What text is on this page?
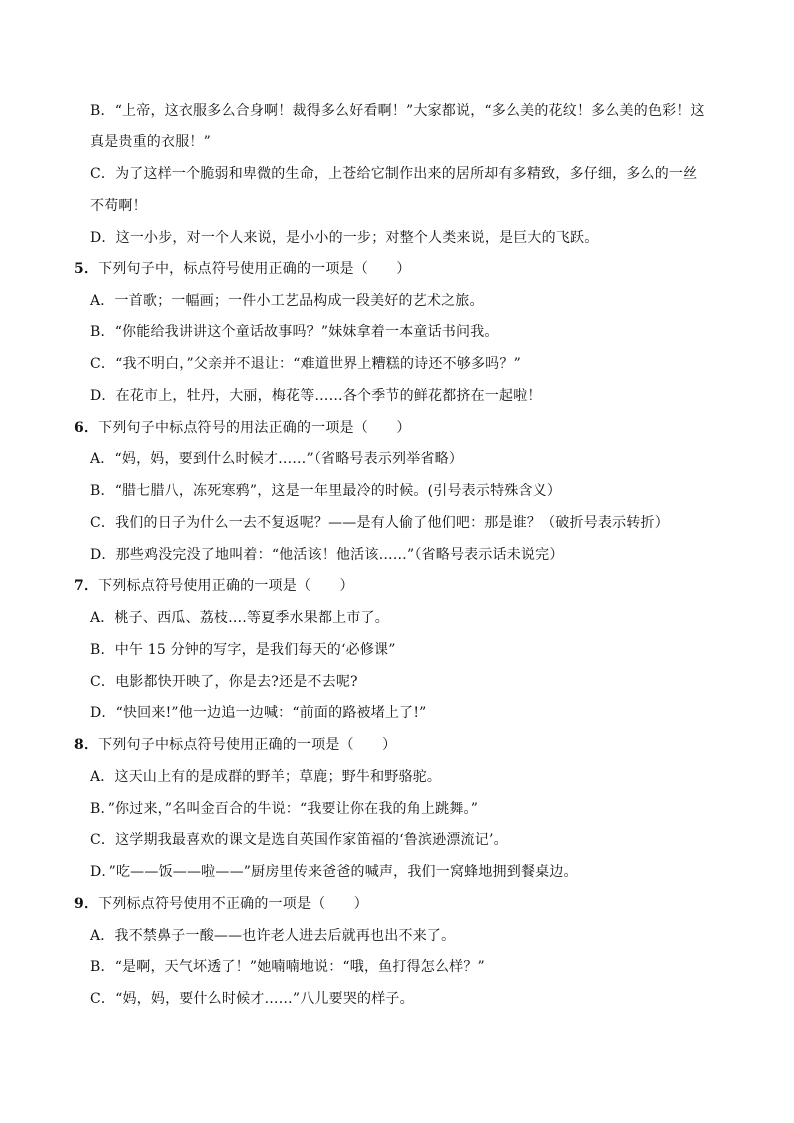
B．“上帝，这衣服多么合身啊！裁得多么好看啊！”大家都说，“多么美的花纹！多么美的色彩！这
真是贵重的衣服！”
C．为了这样一个脆弱和卑微的生命，上苍给它制作出来的居所却有多精致，多仔细，多么的一丝
不苟啊！
D．这一小步，对一个人来说，是小小的一步；对整个人类来说，是巨大的飞跃。
5．下列句子中，标点符号使用正确的一项是（　　）
A．一首歌；一幅画；一件小工艺品构成一段美好的艺术之旅。
B．“你能给我讲讲这个童话故事吗？”妹妹拿着一本童话书问我。
C．“我不明白，”父亲并不退让：“难道世界上糟糕的诗还不够多吗？”
D．在花市上，牡丹，大丽，梅花等……各个季节的鲜花都挤在一起啦！
6．下列句子中标点符号的用法正确的一项是（　　）
A．“妈，妈，要到什么时候才……”（省略号表示列举省略）
B．“腊七腊八，冻死寒鸦”，这是一年里最冷的时候。(引号表示特殊含义）
C．我们的日子为什么一去不复返呢？——是有人偷了他们吧：那是谁？（破折号表示转折）
D．那些鸡没完没了地叫着：“他活该！他活该……”（省略号表示话未说完）
7．下列标点符号使用正确的一项是（　　）
A．桃子、西瓜、荔枝….等夏季水果都上市了。
B．中午 15 分钟的写字，是我们每天的‘必修课”
C．电影都快开映了，你是去?还是不去呢?
D．“快回来!”他一边追一边喊：“前面的路被堵上了!”
8．下列句子中标点符号使用正确的一项是（　　）
A．这天山上有的是成群的野羊；草鹿；野牛和野骆驼。
B．”你过来，”名叫金百合的牛说：“我要让你在我的角上跳舞。”
C．这学期我最喜欢的课文是选自英国作家笛福的‘鲁滨逊漂流记’。
D．”吃——饭——啦——”厨房里传来爸爸的喊声，我们一窝蜂地拥到餐桌边。
9．下列标点符号使用不正确的一项是（　　）
A．我不禁鼻子一酸——也许老人进去后就再也出不来了。
B．“是啊，天气坏透了！”她喃喃地说：“哦，鱼打得怎么样？”
C．“妈，妈，要什么时候才……”八儿要哭的样子。
